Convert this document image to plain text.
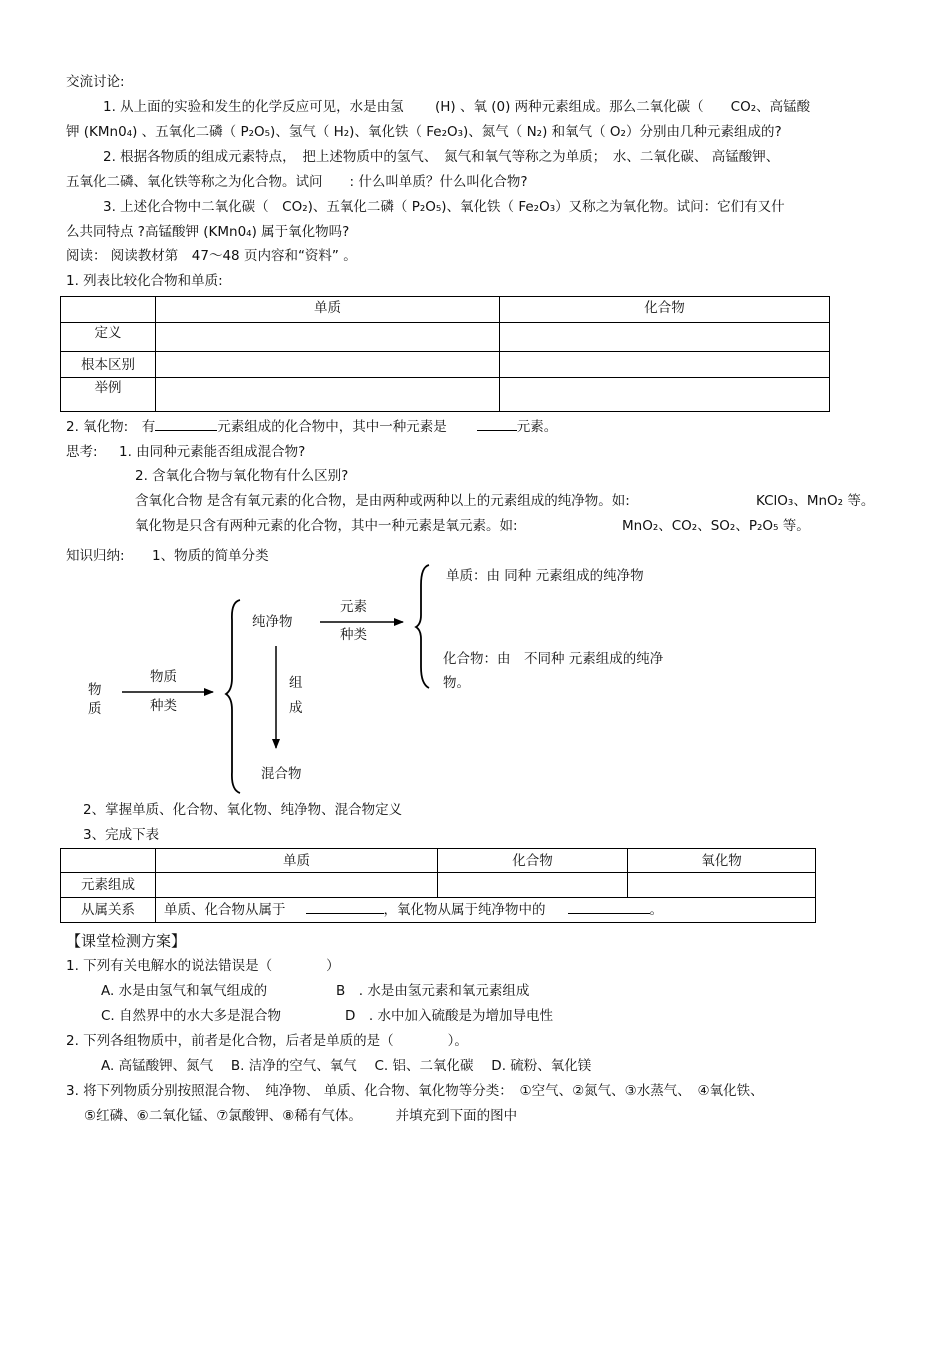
交流讨论:
1. 从上面的实验和发生的化学反应可见，水是由氢　　 (H) 、氧 (0) 两种元素组成。那么二氧化碳（　　CO₂、高锰酸
钾 (KMn0₄) 、五氧化二磷（ P₂O₅)、氢气（ H₂)、氧化铁（ Fe₂O₃)、氮气（ N₂) 和氧气（ O₂）分别由几种元素组成的?
2. 根据各物质的组成元素特点，　把上述物质中的氢气、　氮气和氧气等称之为单质；　水、二氧化碳、 高锰酸钾、
五氧化二磷、氧化铁等称之为化合物。试问　　: 什么叫单质？什么叫化合物?
3. 上述化合物中二氧化碳（　CO₂)、五氧化二磷（ P₂O₅)、氧化铁（ Fe₂O₃）又称之为氧化物。试问：它们有又什
么共同特点 ?高锰酸钾 (KMn0₄) 属于氧化物吗?
阅读： 阅读教材第　47～48 页内容和“资料” 。
1. 列表比较化合物和单质:
	单质	化合物
定义		
根本区别		
举例		
2. 氧化物:　有	元素组成的化合物中，其中一种元素是	元素。
思考: 1. 由同种元素能否组成混合物?
2. 含氧化合物与氧化物有什么区别?
含氧化合物 是含有氧元素的化合物，是由两种或两种以上的元素组成的纯净物。如:	KClO₃、MnO₂ 等。
氧化物是只含有两种元素的化合物，其中一种元素是氧元素。如:	MnO₂、CO₂、SO₂、P₂O₅ 等。
知识归纳: 1、物质的简单分类
物质
物质
种类
纯净物
元素
种类
单质：由 同种 元素组成的纯净物
化合物：由　不同种 元素组成的纯净
物。
组成
混合物
2、掌握单质、化合物、氧化物、纯净物、混合物定义
3、完成下表
	单质	化合物	氧化物
元素组成			
从属关系	单质、化合物从属于 ，氧化物从属于纯净物中的 。		
【课堂检测方案】
1. 下列有关电解水的说法错误是（　　　　）
A. 水是由氢气和氧气组成的	B　. 水是由氢元素和氧元素组成
C. 自然界中的水大多是混合物	D　. 水中加入硫酸是为增加导电性
2. 下列各组物质中，前者是化合物，后者是单质的是（　　　　）。
A. 高锰酸钾、氮气　 B. 洁净的空气、氧气　 C. 铝、二氧化碳　 D. 硫粉、氧化镁
3. 将下列物质分别按照混合物、　纯净物、 单质、化合物、氧化物等分类：　①空气、②氮气、③水蒸气、　④氧化铁、
⑤红磷、⑥二氧化锰、⑦氯酸钾、⑧稀有气体。　　　并填充到下面的图中
